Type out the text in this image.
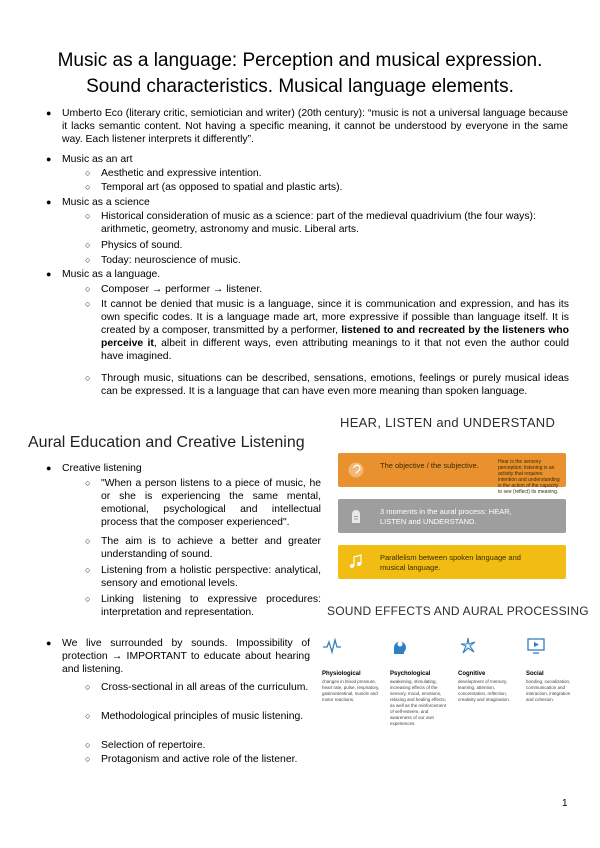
Music as a language: Perception and musical expression.
Sound characteristics. Musical language elements.
● Umberto Eco (literary critic, semiotician and writer) (20th century): “music is not a universal language because it lacks semantic content. Not having a specific meaning, it cannot be understood by everyone in the same way. Each listener interprets it differently”.
● Music as an art
○ Aesthetic and expressive intention.
○ Temporal art (as opposed to spatial and plastic arts).
● Music as a science
○ Historical consideration of music as a science: part of the medieval quadrivium (the four ways): arithmetic, geometry, astronomy and music. Liberal arts.
○ Physics of sound.
○ Today: neuroscience of music.
● Music as a language.
○ Composer → performer → listener.
○ It cannot be denied that music is a language, since it is communication and expression, and has its own specific codes. It is a language made art, more expressive if possible than language itself. It is created by a composer, transmitted by a performer, listened to and recreated by the listeners who perceive it, albeit in different ways, even attributing meanings to it that not even the author could have imagined.
○ Through music, situations can be described, sensations, emotions, feelings or purely musical ideas can be expressed. It is a language that can have even more meaning than spoken language.
Aural Education and Creative Listening
● Creative listening
○ "When a person listens to a piece of music, he or she is experiencing the same mental, emotional, psychological and intellectual process that the composer experienced".
○ The aim is to achieve a better and greater understanding of sound.
○ Listening from a holistic perspective: analytical, sensory and emotional levels.
○ Linking listening to expressive procedures: interpretation and representation.
● We live surrounded by sounds. Impossibility of protection → IMPORTANT to educate about hearing and listening.
○ Cross-sectional in all areas of the curriculum.
○ Methodological principles of music listening.
○ Selection of repertoire.
○ Protagonism and active role of the listener.
HEAR, LISTEN and UNDERSTAND
The objective / the subjective.	Hear is the sensory perception; listening is an activity that requires intention and understanding is the action of the capacity to see (reflect) its meaning.
3 moments in the aural process: HEAR, LISTEN and UNDERSTAND.
Parallelism between spoken language and musical language.
SOUND EFFECTS AND AURAL PROCESSING
Physiological
changes in blood pressure, heart rate, pulse, respiratory, gastrointestinal, muscle and motor reactions.
Psychological
awakening, stimulating, increasing effects of the sensory, mood, emotions, relaxing and healing effects; as well as the reinforcement of self-esteem, and awareness of our own experiences.
Cognitive
development of memory, learning, attention, concentration, reflection, creativity and imagination.
Social
bonding, socialization, communication and interaction, integration and cohesion.
1
